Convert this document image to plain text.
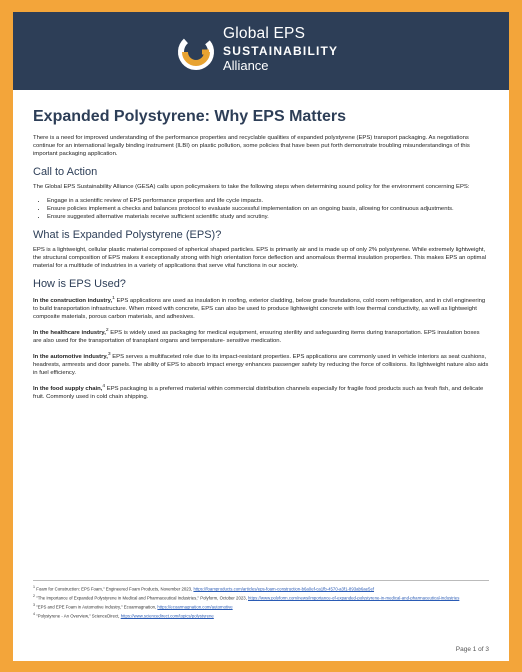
Global EPS
SUSTAINABILITY
Alliance
Expanded Polystyrene: Why EPS Matters

There is a need for improved understanding of the performance properties and recyclable qualities of expanded polystyrene (EPS) transport packaging. As negotiations continue for an international legally binding instrument (ILBI) on plastic pollution, some policies that have been put forth demonstrate troubling misunderstandings of this important packaging application.

Call to Action

The Global EPS Sustainability Alliance (GESA) calls upon policymakers to take the following steps when determining sound policy for the environment concerning EPS:

• Engage in a scientific review of EPS performance properties and life cycle impacts.
• Ensure policies implement a checks and balances protocol to evaluate successful implementation on an ongoing basis, allowing for continuous adjustments.
• Ensure suggested alternative materials receive sufficient scientific study and scrutiny.
What is Expanded Polystyrene (EPS)?

EPS is a lightweight, cellular plastic material composed of spherical shaped particles. EPS is primarily air and is made up of only 2% polystyrene. While extremely lightweight, the structural composition of EPS makes it exceptionally strong with high orientation force deflection and anomalous thermal insulation properties. This makes EPS an optimal material for a multitude of industries in a variety of applications that serve vital functions in our society.

How is EPS Used?

In the construction industry,$^1$ EPS applications are used as insulation in roofing, exterior cladding, below grade foundations, cold room refrigeration, and in civil engineering to build transportation infrastructure. When mixed with concrete, EPS can also be used to produce lightweight concrete with low thermal conductivity, as well as lightweight composite materials, porous carbon materials, and adhesives.

In the healthcare industry,$^2$ EPS is widely used as packaging for medical equipment, ensuring sterility and safeguarding items during transportation. EPS insulation boxes are also used for the transportation of transplant organs and temperature- sensitive medication.

In the automotive industry,$^3$ EPS serves a multifaceted role due to its impact-resistant properties. EPS applications are commonly used in vehicle interiors as seat cushions, headrests, armrests and door panels. The ability of EPS to absorb impact energy enhances passenger safety by reducing the force of collisions. Its lightweight nature also aids in fuel efficiency.

In the food supply chain,$^4$ EPS packaging is a preferred material within commercial distribution channels especially for fragile food products such as fresh fish, and delicate fruit. Commonly used in cold chain shipping.

$^1$ Foam for Construction: EPS Foam," Engineered Foam Products, November 2023, https://foamproducts.com/articles/eps-foam-construction-b6a0ef-ca1fb-4570-a3f1-893ab6ae5ef

$^2$ "The Importance of Expanded Polystyrene in Medical and Pharmaceutical Industries," Polyform, October 2023, https://www.polyform.com/news/importance-of-expanded-polystyrene-in-medical-and-pharmaceutical-industries

$^3$ "EPS and EPE Foam in Automotive Industry," Ecoarmagnation, https://ecoarmagnation.com/automotive

$^4$ "Polystyrene - An Overview," ScienceDirect, https://www.sciencedirect.com/topics/polystyrene

Page 1 of 3
